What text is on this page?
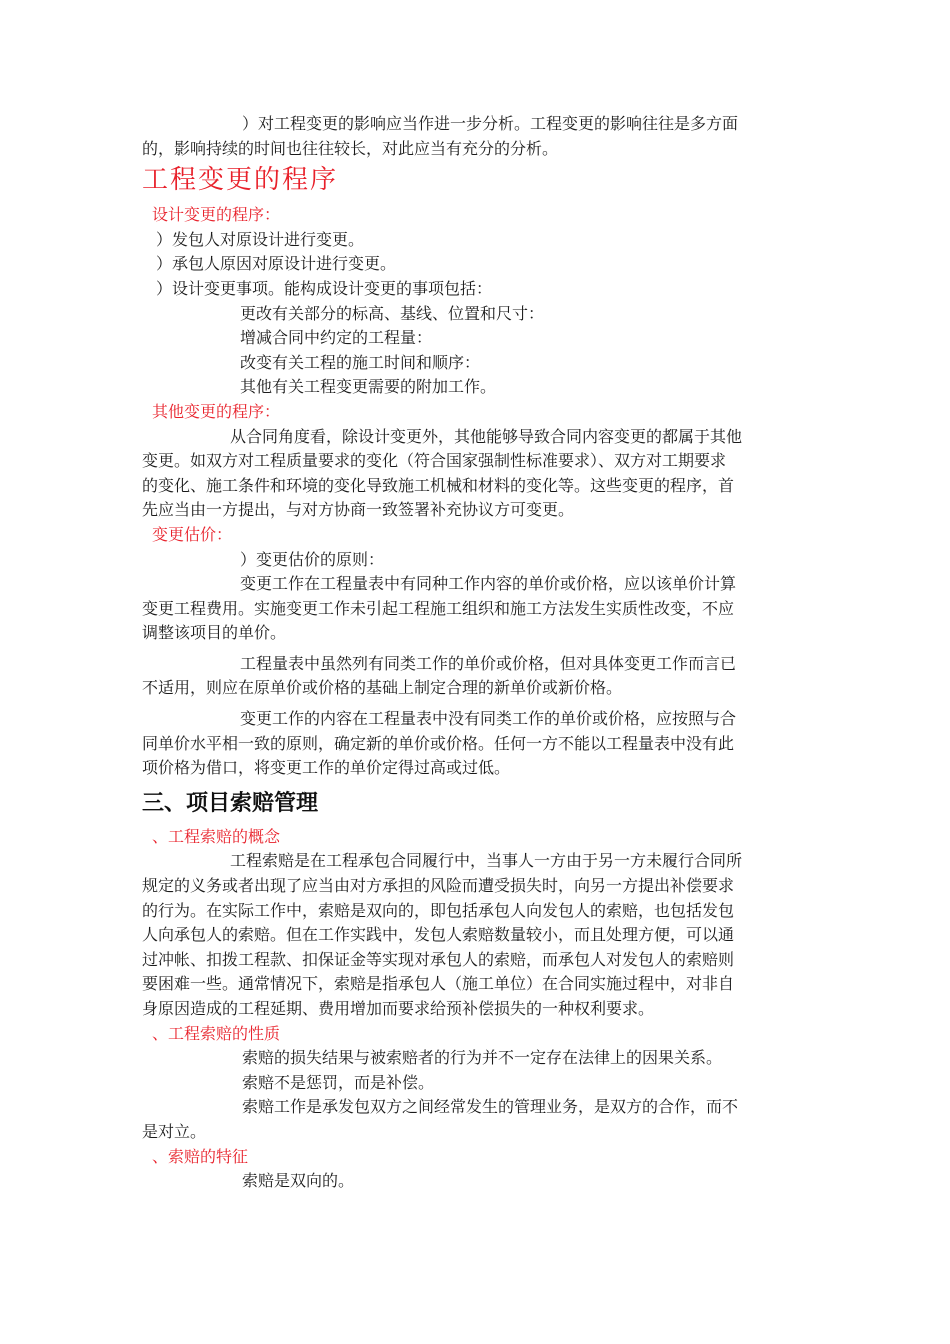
）对工程变更的影响应当作进一步分析。工程变更的影响往往是多方面

的，影响持续的时间也往往较长，对此应当有充分的分析。

工程变更的程序

设计变更的程序：

）发包人对原设计进行变更。

）承包人原因对原设计进行变更。

）设计变更事项。能构成设计变更的事项包括：

更改有关部分的标高、基线、位置和尺寸：

增减合同中约定的工程量：

改变有关工程的施工时间和顺序：

其他有关工程变更需要的附加工作。

其他变更的程序：

从合同角度看，除设计变更外，其他能够导致合同内容变更的都属于其他

变更。如双方对工程质量要求的变化（符合国家强制性标准要求）、双方对工期要求

的变化、施工条件和环境的变化导致施工机械和材料的变化等。这些变更的程序，首

先应当由一方提出，与对方协商一致签署补充协议方可变更。

变更估价：

）变更估价的原则：

变更工作在工程量表中有同种工作内容的单价或价格，应以该单价计算

变更工程费用。实施变更工作未引起工程施工组织和施工方法发生实质性改变，不应

调整该项目的单价。

工程量表中虽然列有同类工作的单价或价格，但对具体变更工作而言已

不适用，则应在原单价或价格的基础上制定合理的新单价或新价格。

变更工作的内容在工程量表中没有同类工作的单价或价格，应按照与合

同单价水平相一致的原则，确定新的单价或价格。任何一方不能以工程量表中没有此

项价格为借口，将变更工作的单价定得过高或过低。

三、项目索赔管理

、工程索赔的概念

工程索赔是在工程承包合同履行中，当事人一方由于另一方未履行合同所

规定的义务或者出现了应当由对方承担的风险而遭受损失时，向另一方提出补偿要求

的行为。在实际工作中，索赔是双向的，即包括承包人向发包人的索赔，也包括发包

人向承包人的索赔。但在工作实践中，发包人索赔数量较小，而且处理方便，可以通

过冲帐、扣拨工程款、扣保证金等实现对承包人的索赔，而承包人对发包人的索赔则

要困难一些。通常情况下，索赔是指承包人（施工单位）在合同实施过程中，对非自

身原因造成的工程延期、费用增加而要求给预补偿损失的一种权利要求。

、工程索赔的性质

索赔的损失结果与被索赔者的行为并不一定存在法律上的因果关系。

索赔不是惩罚，而是补偿。

索赔工作是承发包双方之间经常发生的管理业务，是双方的合作，而不

是对立。

、索赔的特征

索赔是双向的。
